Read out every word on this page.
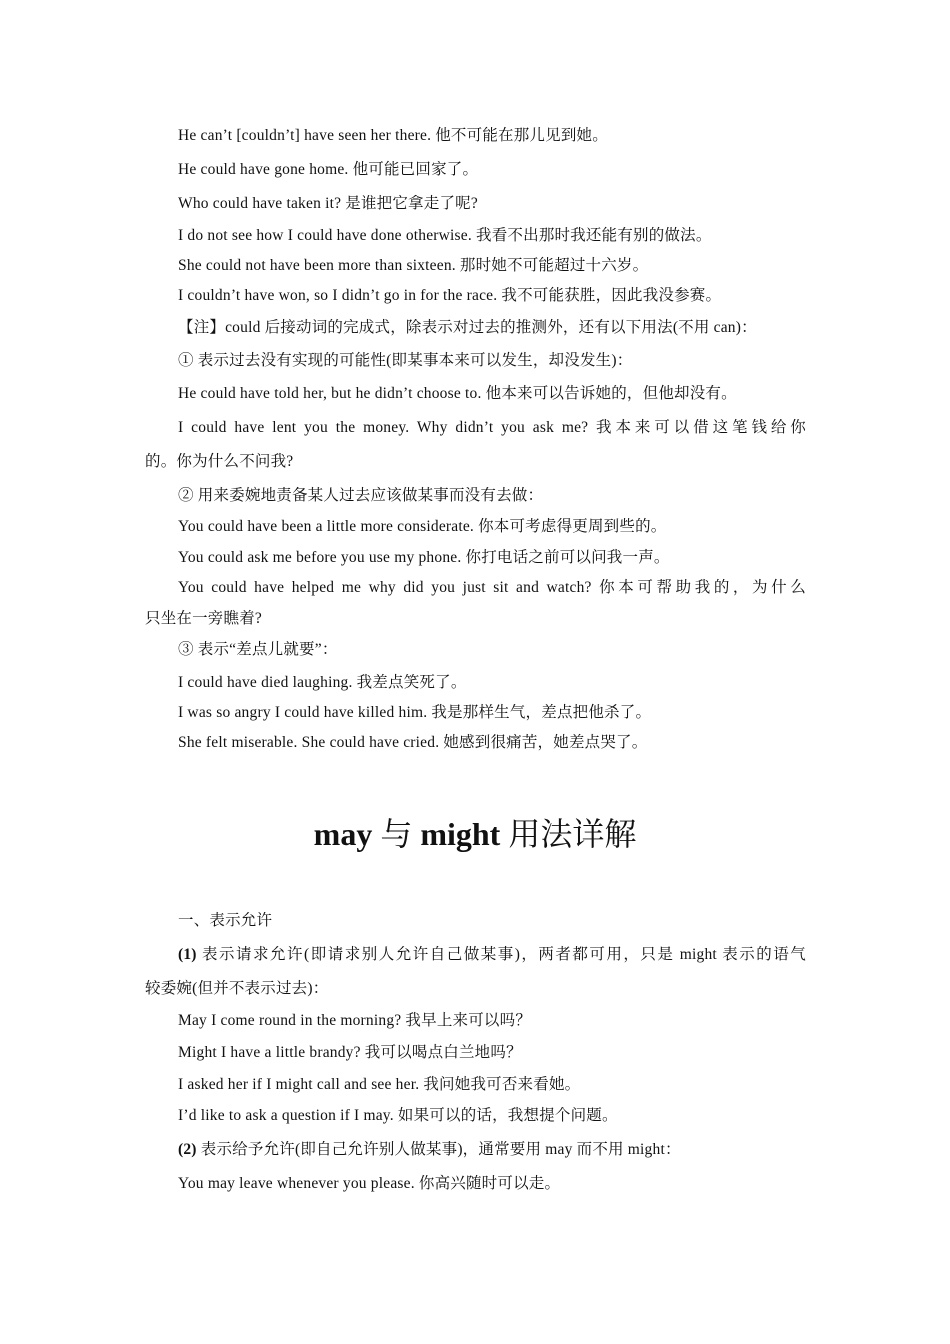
He can’t [couldn’t] have seen her there. 他不可能在那儿见到她。
He could have gone home. 他可能已回家了。
Who could have taken it? 是谁把它拿走了呢?
I do not see how I could have done otherwise. 我看不出那时我还能有别的做法。
She could not have been more than sixteen. 那时她不可能超过十六岁。
I couldn’t have won, so I didn’t go in for the race. 我不可能获胜，因此我没参赛。
【注】could 后接动词的完成式，除表示对过去的推测外，还有以下用法(不用 can)：
① 表示过去没有实现的可能性(即某事本来可以发生，却没发生)：
He could have told her, but he didn’t choose to. 他本来可以告诉她的，但他却没有。
I could have lent you the money. Why didn’t you ask me? 我本来可以借这笔钱给你
的。你为什么不问我?
② 用来委婉地责备某人过去应该做某事而没有去做：
You could have been a little more considerate. 你本可考虑得更周到些的。
You could ask me before you use my phone. 你打电话之前可以问我一声。
You could have helped me why did you just sit and watch? 你本可帮助我的，为什么
只坐在一旁瞧着?
③ 表示“差点儿就要”：
I could have died laughing. 我差点笑死了。
I was so angry I could have killed him. 我是那样生气，差点把他杀了。
She felt miserable. She could have cried. 她感到很痛苦，她差点哭了。
may 与 might 用法详解
一、表示允许
(1) 表示请求允许(即请求别人允许自己做某事)，两者都可用，只是 might 表示的语气
较委婉(但并不表示过去)：
May I come round in the morning? 我早上来可以吗？
Might I have a little brandy? 我可以喝点白兰地吗？
I asked her if I might call and see her. 我问她我可否来看她。
I’d like to ask a question if I may. 如果可以的话，我想提个问题。
(2) 表示给予允许(即自己允许别人做某事)，通常要用 may 而不用 might：
You may leave whenever you please. 你高兴随时可以走。
